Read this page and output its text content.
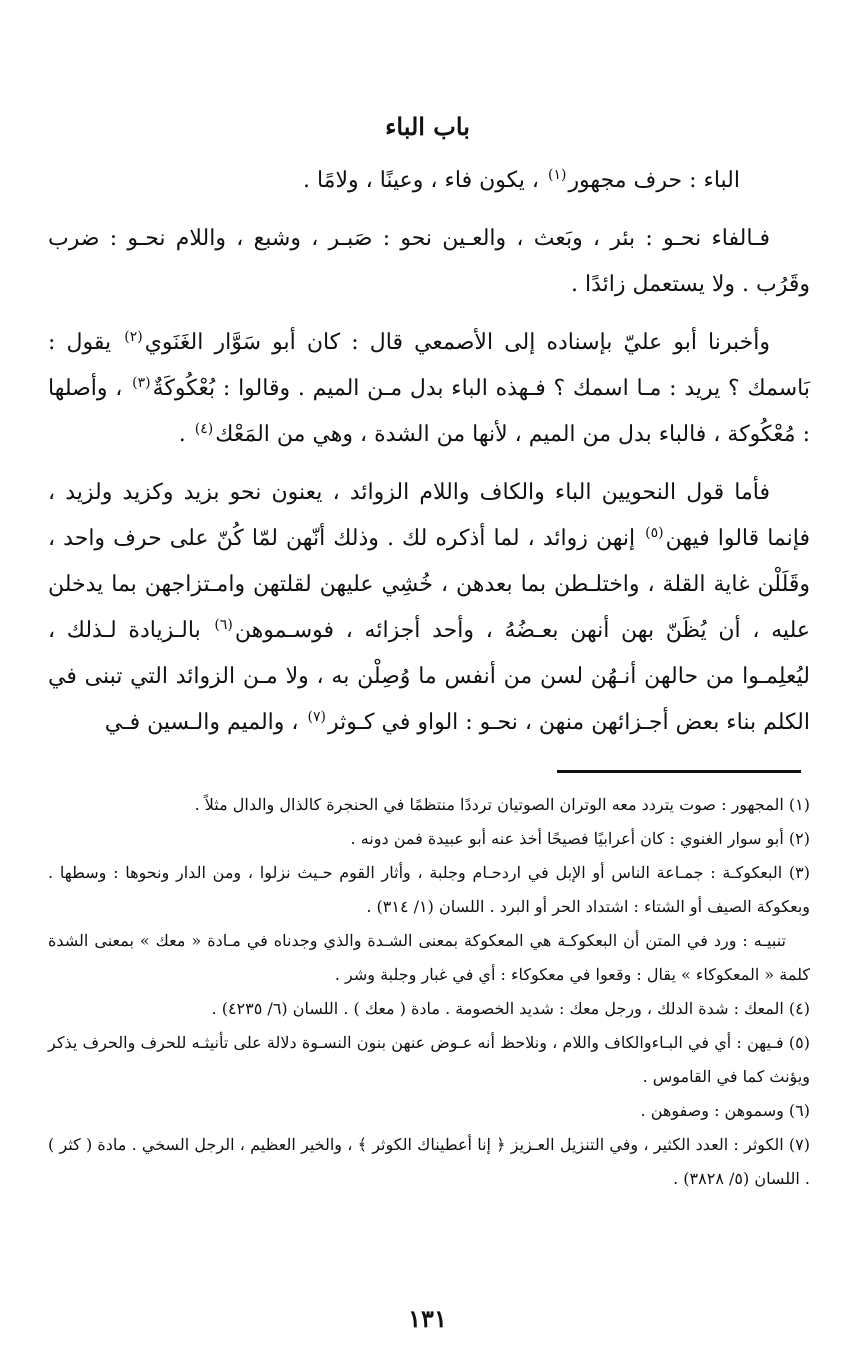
باب الباء

الباء : حرف مجهور$^{(١)}$ ، يكون فاء ، وعينًا ، ولامًا .

فـالفاء نحـو : بئر ، وبَعث ، والعـين نحو : صَبـر ، وشبع ، واللام نحـو : ضرب وقَرُب . ولا يستعمل زائدًا .

وأخبرنا أبو عليّ بإسناده إلى الأصمعي قال : كان أبو سَوَّار الغَنَوي$^{(٢)}$ يقول : بَاسمك ؟ يريد : مـا اسمك ؟ فـهذه الباء بدل مـن الميم . وقالوا : بُعْكُوكَةٌ$^{(٣)}$ ، وأصلها : مُعْكُوكة ، فالباء بدل من الميم ، لأنها من الشدة ، وهي من المَعْك$^{(٤)}$ .

فأما قول النحويين الباء والكاف واللام الزوائد ، يعنون نحو بزيد وكزيد ولزيد ، فإنما قالوا فيهن$^{(٥)}$ إنهن زوائد ، لما أذكره لك . وذلك أنّهن لمّا كُنّ على حرف واحد ، وقَلَلْن غاية القلة ، واختلـطن بما بعدهن ، خُشِي عليهن لقلتهن وامـتزاجهن بما يدخلن عليه ، أن يُظَنّ بهن أنهن بعـضُهُ ، وأحد أجزائه ، فوسـموهن$^{(٦)}$ بالـزيادة لـذلك ، ليُعلِمـوا من حالهن أنـهُن لسن من أنفس ما وُصِلْن به ، ولا مـن الزوائد التي تبنى في الكلم بناء بعض أجـزائهن منهن ، نحـو : الواو في كـوثر$^{(٧)}$ ، والميم والـسين فـي

(١) المجهور : صوت يتردد معه الوتران الصوتيان ترددًا منتظمًا في الحنجرة كالذال والدال مثلاً .

(٢) أبو سوار الغنوي : كان أعرابيًا فصيحًا أخذ عنه أبو عبيدة فمن دونه .

(٣) البعكوكـة : جمـاعة الناس أو الإبل في اردحـام وجلبة ، وأثار القوم حـيث نزلوا ، ومن الدار ونحوها : وسطها . وبعكوكة الصيف أو الشتاء : اشتداد الحر أو البرد . اللسان (١/ ٣١٤) .

تنبيـه : ورد في المتن أن البعكوكـة هي المعكوكة بمعنى الشـدة والذي وجدناه في مـادة « معك » بمعنى الشدة كلمة « المعكوكاء » يقال : وقعوا في معكوكاء : أي في غبار وجلبة وشر .

(٤) المعك : شدة الدلك ، ورجل معك : شديد الخصومة . مادة ( معك ) . اللسان (٦/ ٤٢٣٥) .

(٥) فـيهن : أي في البـاءوالكاف واللام ، ونلاحظ أنه عـوض عنهن بنون النسـوة دلالة على تأنيثـه للحرف والحرف يذكر ويؤنث كما في القاموس .

(٦) وسموهن : وصفوهن .

(٧) الكوثر : العدد الكثير ، وفي التنزيل العـزيز ﴿ إنا أعطيناك الكوثر ﴾ ، والخير العظيم ، الرجل السخي . مادة ( كثر ) . اللسان (٥/ ٣٨٢٨) .

١٣١
